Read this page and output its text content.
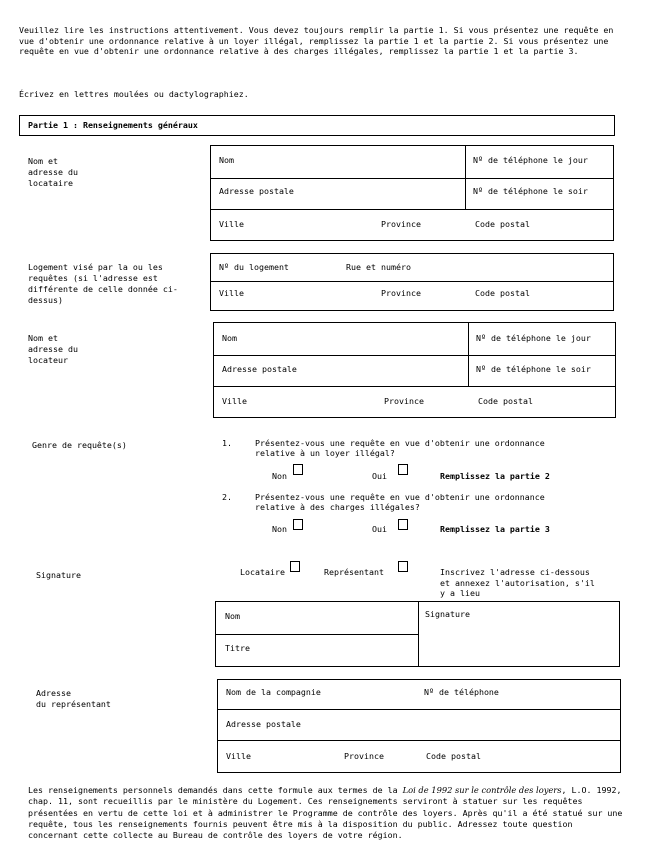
Veuillez lire les instructions attentivement. Vous devez toujours remplir la partie 1. Si vous présentez une requête en vue d'obtenir une ordonnance relative à un loyer illégal, remplissez la partie 1 et la partie 2. Si vous présentez une requête en vue d'obtenir une ordonnance relative à des charges illégales, remplissez la partie 1 et la partie 3.
Écrivez en lettres moulées ou dactylographiez.
Partie 1 : Renseignements généraux
Nom et
adresse du
locataire
Nom	Nº de téléphone le jour
Adresse postale	Nº de téléphone le soir
Ville	Province	Code postal
Logement visé par la ou les
requêtes (si l'adresse est
différente de celle donnée ci-
dessus)
Nº du logement	Rue et numéro
Ville	Province	Code postal
Nom et
adresse du
locateur
Nom	Nº de téléphone le jour
Adresse postale	Nº de téléphone le soir
Ville	Province	Code postal
Genre de requête(s)	1.	Présentez-vous une requête en vue d'obtenir une ordonnance
relative à un loyer illégal?
Non	Oui	Remplissez la partie 2
2.	Présentez-vous une requête en vue d'obtenir une ordonnance
relative à des charges illégales?
Non	Oui	Remplissez la partie 3
Signature	Locataire	Représentant	Inscrivez l'adresse ci-dessous
et annexez l'autorisation, s'il
y a lieu
Nom	Signature
Titre
Adresse
du représentant
Nom de la compagnie	Nº de téléphone
Adresse postale
Ville	Province	Code postal
Les renseignements personnels demandés dans cette formule aux termes de la Loi de 1992 sur le contrôle des loyers, L.O. 1992, chap. 11, sont recueillis par le ministère du Logement. Ces renseignements serviront à statuer sur les requêtes présentées en vertu de cette loi et à administrer le Programme de contrôle des loyers. Après qu'il a été statué sur une requête, tous les renseignements fournis peuvent être mis à la disposition du public. Adressez toute question concernant cette collecte au Bureau de contrôle des loyers de votre région.
